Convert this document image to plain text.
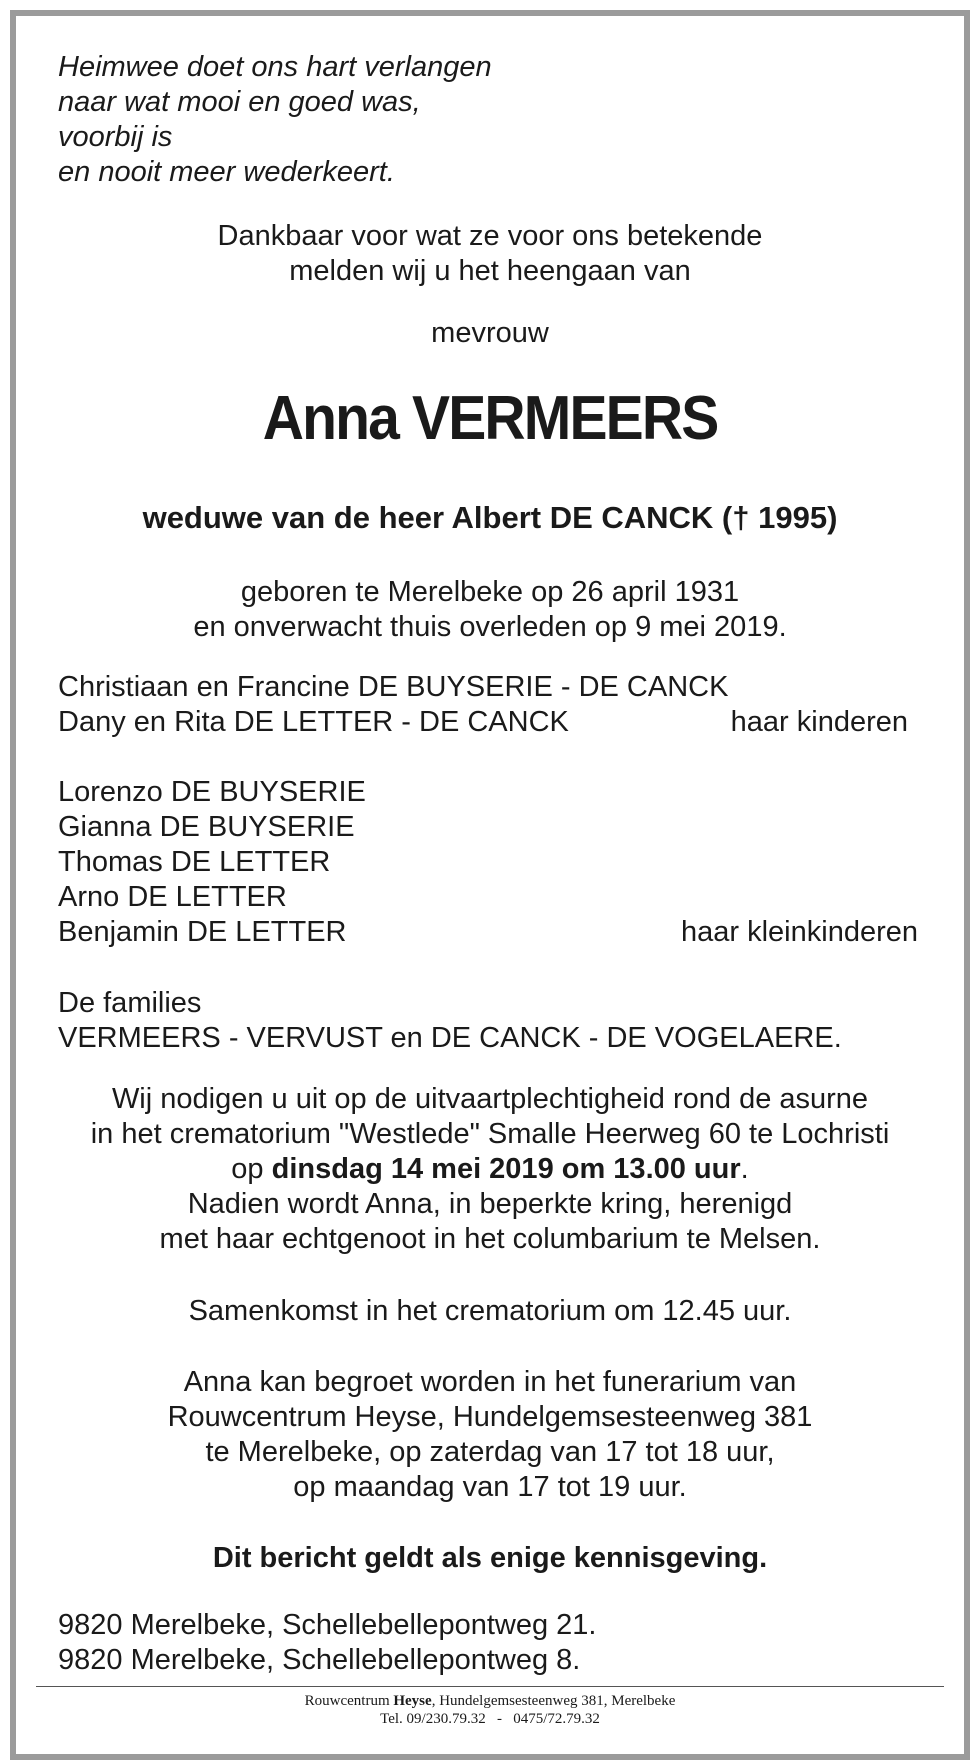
Heimwee doet ons hart verlangen
naar wat mooi en goed was,
voorbij is
en nooit meer wederkeert.
Dankbaar voor wat ze voor ons betekende
melden wij u het heengaan van
mevrouw
Anna VERMEERS
weduwe van de heer Albert DE CANCK († 1995)
geboren te Merelbeke op 26 april 1931
en onverwacht thuis overleden op 9 mei 2019.
Christiaan en Francine DE BUYSERIE - DE CANCK
Dany en Rita DE LETTER - DE CANCK	haar kinderen
Lorenzo DE BUYSERIE
Gianna DE BUYSERIE
Thomas DE LETTER
Arno DE LETTER
Benjamin DE LETTER	haar kleinkinderen
De families
VERMEERS - VERVUST en DE CANCK - DE VOGELAERE.
Wij nodigen u uit op de uitvaartplechtigheid rond de asurne
in het crematorium "Westlede" Smalle Heerweg 60 te Lochristi
op dinsdag 14 mei 2019 om 13.00 uur.
Nadien wordt Anna, in beperkte kring, herenigd
met haar echtgenoot in het columbarium te Melsen.
Samenkomst in het crematorium om 12.45 uur.
Anna kan begroet worden in het funerarium van
Rouwcentrum Heyse, Hundelgemsesteenweg 381
te Merelbeke, op zaterdag van 17 tot 18 uur,
op maandag van 17 tot 19 uur.
Dit bericht geldt als enige kennisgeving.
9820 Merelbeke, Schellebellepontweg 21.
9820 Merelbeke, Schellebellepontweg 8.
Rouwcentrum Heyse, Hundelgemsesteenweg 381, Merelbeke
Tel. 09/230.79.32   -   0475/72.79.32
